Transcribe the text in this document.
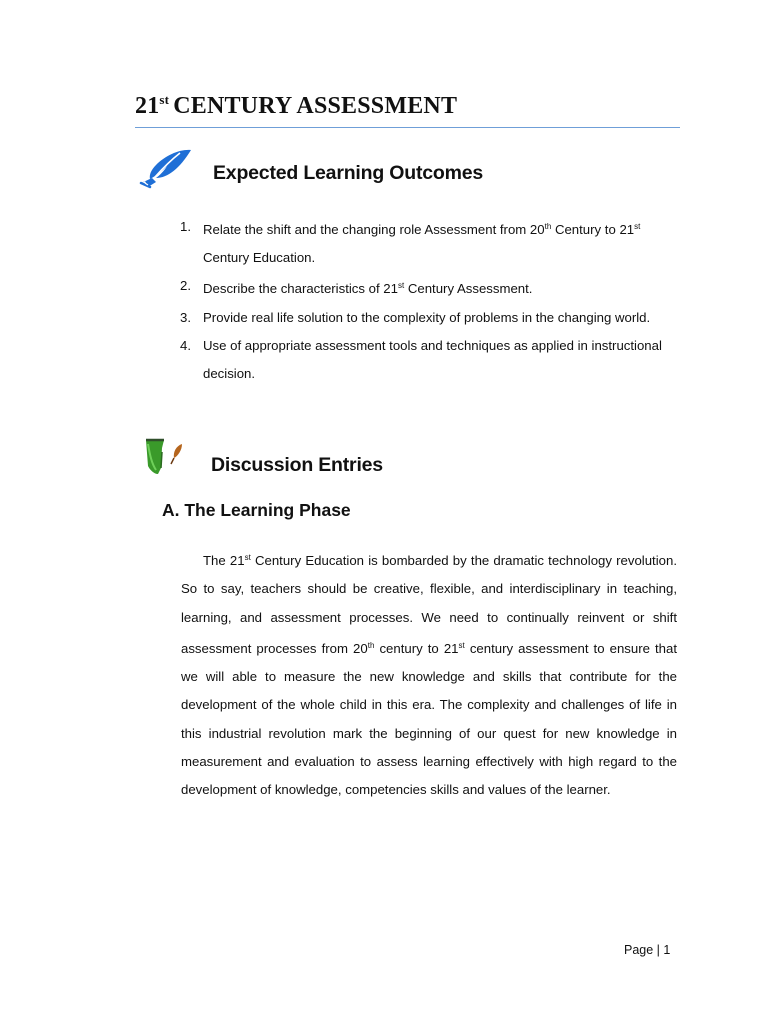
21st CENTURY ASSESSMENT
Expected Learning Outcomes
1. Relate the shift and the changing role Assessment from 20th Century to 21st Century Education.
2. Describe the characteristics of 21st Century Assessment.
3. Provide real life solution to the complexity of problems in the changing world.
4. Use of appropriate assessment tools and techniques as applied in instructional decision.
Discussion Entries
A. The Learning Phase

The 21st Century Education is bombarded by the dramatic technology revolution. So to say, teachers should be creative, flexible, and interdisciplinary in teaching, learning, and assessment processes. We need to continually reinvent or shift assessment processes from 20th century to 21st century assessment to ensure that we will able to measure the new knowledge and skills that contribute for the development of the whole child in this era. The complexity and challenges of life in this industrial revolution mark the beginning of our quest for new knowledge in measurement and evaluation to assess learning effectively with high regard to the development of knowledge, competencies skills and values of the learner.

Page | 1
